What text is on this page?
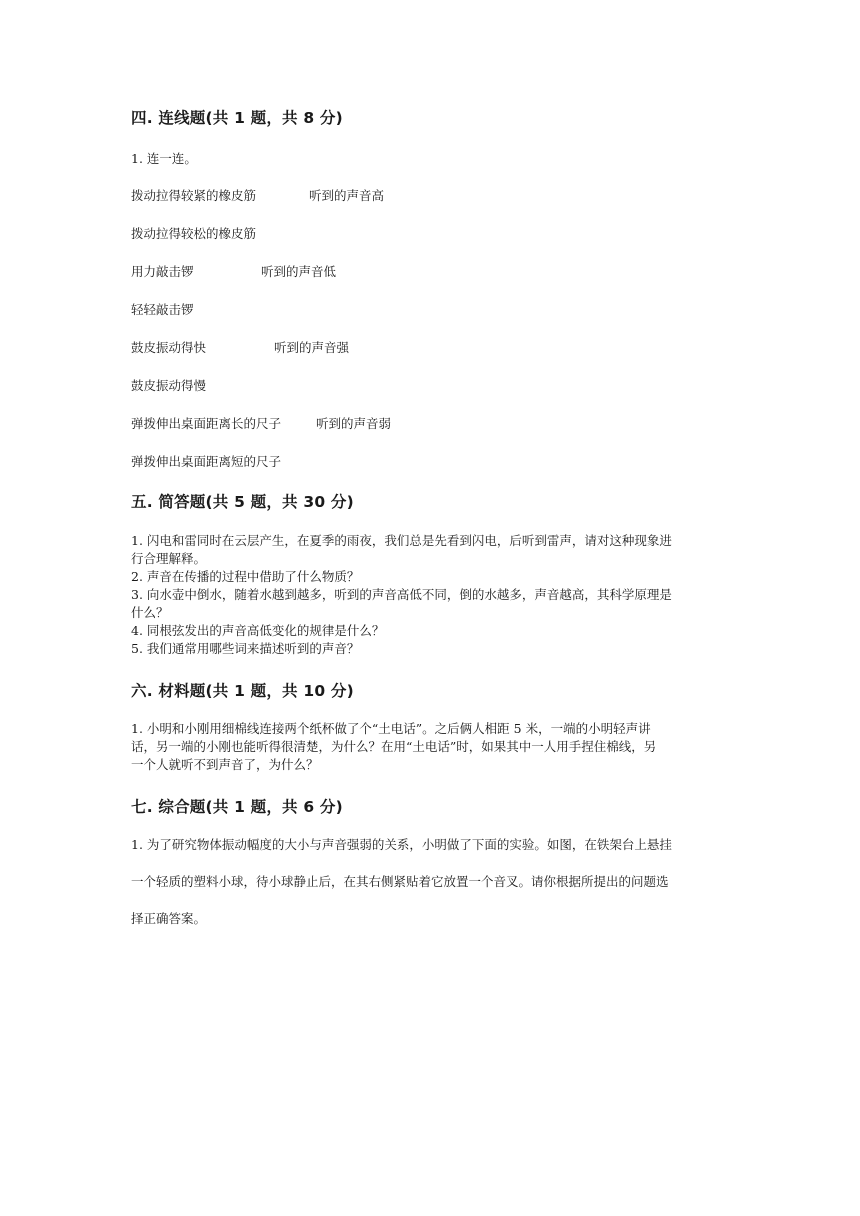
四. 连线题(共 1 题，共 8 分)
1. 连一连。
拨动拉得较紧的橡皮筋	听到的声音高
拨动拉得较松的橡皮筋
用力敲击锣	听到的声音低
轻轻敲击锣
鼓皮振动得快	听到的声音强
鼓皮振动得慢
弹拨伸出桌面距离长的尺子	听到的声音弱
弹拨伸出桌面距离短的尺子
五. 简答题(共 5 题，共 30 分)
1. 闪电和雷同时在云层产生，在夏季的雨夜，我们总是先看到闪电，后听到雷声，请对这种现象进
行合理解释。
2. 声音在传播的过程中借助了什么物质？
3. 向水壶中倒水，随着水越到越多，听到的声音高低不同，倒的水越多，声音越高，其科学原理是
什么？
4. 同根弦发出的声音高低变化的规律是什么？
5. 我们通常用哪些词来描述听到的声音？
六. 材料题(共 1 题，共 10 分)
1. 小明和小刚用细棉线连接两个纸杯做了个“土电话”。之后俩人相距 5 米，一端的小明轻声讲
话，另一端的小刚也能听得很清楚，为什么？在用“土电话”时，如果其中一人用手捏住棉线，另
一个人就听不到声音了，为什么？
七. 综合题(共 1 题，共 6 分)
1. 为了研究物体振动幅度的大小与声音强弱的关系，小明做了下面的实验。如图，在铁架台上悬挂
一个轻质的塑料小球，待小球静止后，在其右侧紧贴着它放置一个音叉。请你根据所提出的问题选
择正确答案。
